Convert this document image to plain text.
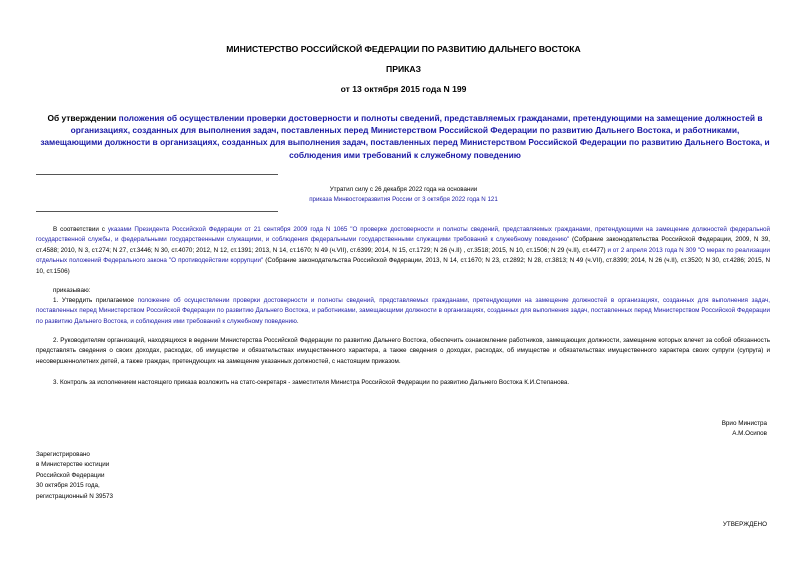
МИНИСТЕРСТВО РОССИЙСКОЙ ФЕДЕРАЦИИ ПО РАЗВИТИЮ ДАЛЬНЕГО ВОСТОКА
ПРИКАЗ
от 13 октября 2015 года N 199
Об утверждении положения об осуществлении проверки достоверности и полноты сведений, представляемых гражданами, претендующими на замещение должностей в организациях, созданных для выполнения задач, поставленных перед Министерством Российской Федерации по развитию Дальнего Востока, и работниками, замещающими должности в организациях, созданных для выполнения задач, поставленных перед Министерством Российской Федерации по развитию Дальнего Востока, и соблюдения ими требований к служебному поведению
Утратил силу с 26 декабря 2022 года на основании
приказа Минвостокразвития России от 3 октября 2022 года N 121
В соответствии с указами Президента Российской Федерации от 21 сентября 2009 года N 1065 "О проверке достоверности и полноты сведений, представляемых гражданами, претендующими на замещение должностей федеральной государственной службы, и федеральными государственными служащими, и соблюдения федеральными государственными служащими требований к служебному поведению" (Собрание законодательства Российской Федерации, 2009, N 39, ст.4588; 2010, N 3, ст.274; N 27, ст.3446; N 30, ст.4070; 2012, N 12, ст.1391; 2013, N 14, ст.1670; N 49 (ч.VII), ст.6399; 2014, N 15, ст.1729; N 26 (ч.II) , ст.3518; 2015, N 10, ст.1506; N 29 (ч.II), ст.4477) и от 2 апреля 2013 года N 309 "О мерах по реализации отдельных положений Федерального закона "О противодействии коррупции" (Собрание законодательства Российской Федерации, 2013, N 14, ст.1670; N 23, ст.2892; N 28, ст.3813; N 49 (ч.VII), ст.8399; 2014, N 26 (ч.II), ст.3520; N 30, ст.4286; 2015, N 10, ст.1506)
приказываю:
1. Утвердить прилагаемое положение об осуществлении проверки достоверности и полноты сведений, представляемых гражданами, претендующими на замещение должностей в организациях, созданных для выполнения задач, поставленных перед Министерством Российской Федерации по развитию Дальнего Востока, и работниками, замещающими должности в организациях, созданных для выполнения задач, поставленных перед Министерством Российской Федерации по развитию Дальнего Востока, и соблюдения ими требований к служебному поведению.
2. Руководителям организаций, находящихся в ведении Министерства Российской Федерации по развитию Дальнего Востока, обеспечить ознакомление работников, замещающих должности, замещение которых влечет за собой обязанность представлять сведения о своих доходах, расходах, об имуществе и обязательствах имущественного характера, а также сведения о доходах, расходах, об имуществе и обязательствах имущественного характера своих супруги (супруга) и несовершеннолетних детей, а также граждан, претендующих на замещение указанных должностей, с настоящим приказом.
3. Контроль за исполнением настоящего приказа возложить на статс-секретаря - заместителя Министра Российской Федерации по развитию Дальнего Востока К.И.Степанова.
Врио Министра
А.М.Осипов
Зарегистрировано
в Министерстве юстиции
Российской Федерации
30 октября 2015 года,
регистрационный N 39573
УТВЕРЖДЕНО
